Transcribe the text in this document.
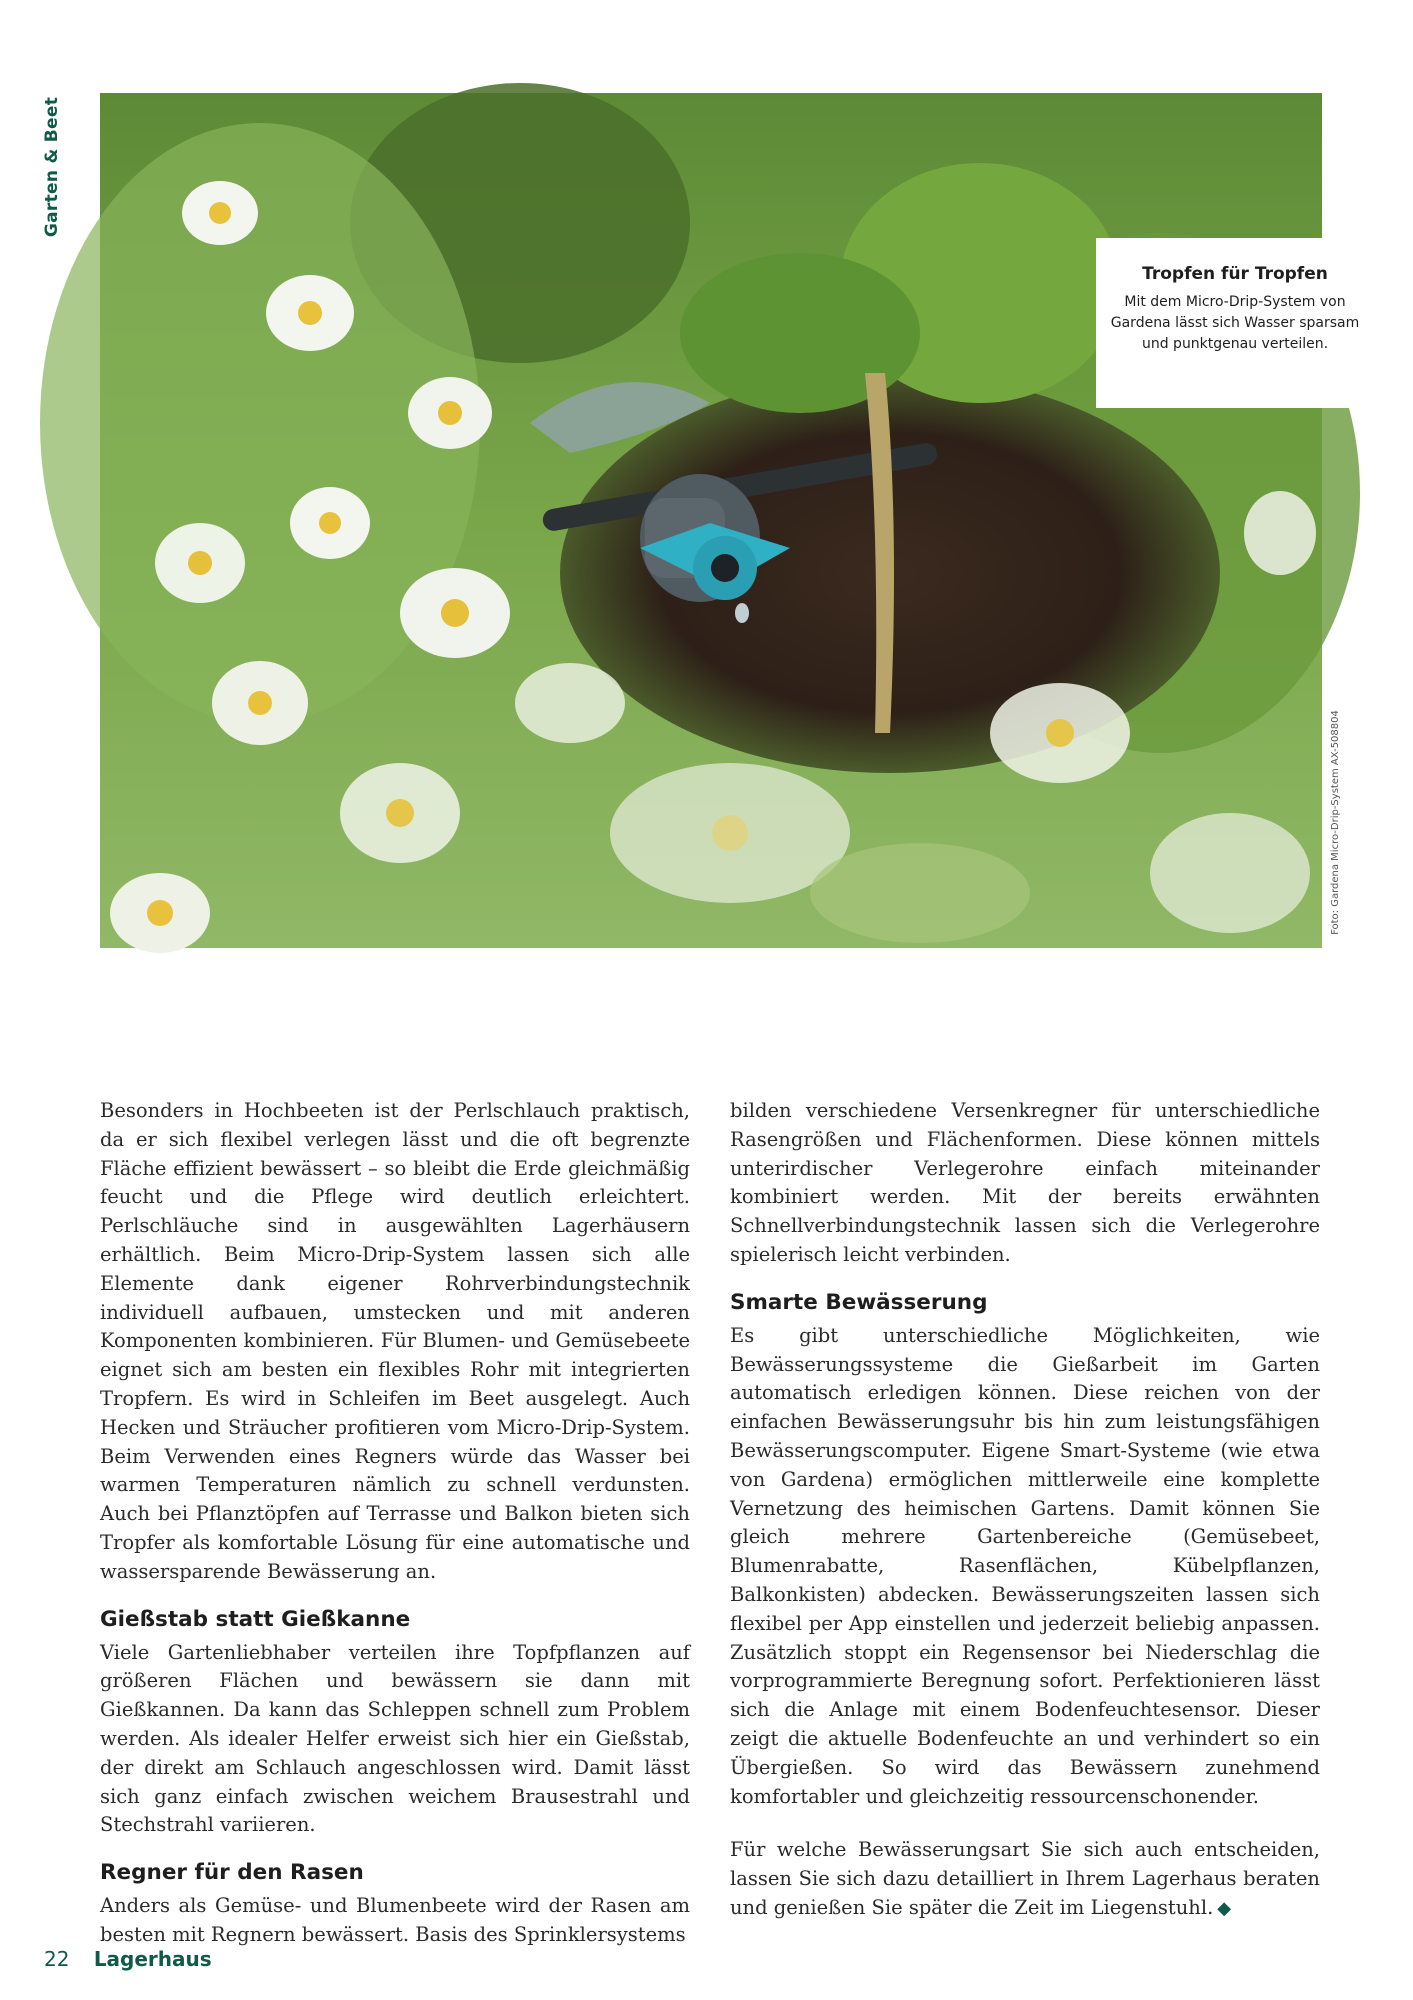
Garten & Beet
Tropfen für Tropfen

Mit dem Micro-Drip-System von Gardena lässt sich Wasser sparsam und punktgenau verteilen.

Foto: Gardena Micro-Drip-System AX-508804

Besonders in Hochbeeten ist der Perlschlauch praktisch, da er sich flexibel verlegen lässt und die oft begrenzte Fläche effizient bewässert – so bleibt die Erde gleichmäßig feucht und die Pflege wird deutlich erleichtert. Perlschläuche sind in ausgewählten Lagerhäusern erhältlich. Beim Micro-Drip-System lassen sich alle Elemente dank eigener Rohrverbindungstechnik individuell aufbauen, umstecken und mit anderen Komponenten kombinieren. Für Blumen- und Gemüsebeete eignet sich am besten ein flexibles Rohr mit integrierten Tropfern. Es wird in Schleifen im Beet ausgelegt. Auch Hecken und Sträucher profitieren vom Micro-Drip-System. Beim Verwenden eines Regners würde das Wasser bei warmen Temperaturen nämlich zu schnell verdunsten. Auch bei Pflanztöpfen auf Terrasse und Balkon bieten sich Tropfer als komfortable Lösung für eine automatische und wassersparende Bewässerung an.

Gießstab statt Gießkanne

Viele Gartenliebhaber verteilen ihre Topfpflanzen auf größeren Flächen und bewässern sie dann mit Gießkannen. Da kann das Schleppen schnell zum Problem werden. Als idealer Helfer erweist sich hier ein Gießstab, der direkt am Schlauch angeschlossen wird. Damit lässt sich ganz einfach zwischen weichem Brausestrahl und Stechstrahl variieren.

Regner für den Rasen

Anders als Gemüse- und Blumenbeete wird der Rasen am besten mit Regnern bewässert. Basis des Sprinklersystems

bilden verschiedene Versenkregner für unterschiedliche Rasengrößen und Flächenformen. Diese können mittels unterirdischer Verlegerohre einfach miteinander kombiniert werden. Mit der bereits erwähnten Schnellverbindungstechnik lassen sich die Verlegerohre spielerisch leicht verbinden.

Smarte Bewässerung

Es gibt unterschiedliche Möglichkeiten, wie Bewässerungssysteme die Gießarbeit im Garten automatisch erledigen können. Diese reichen von der einfachen Bewässerungsuhr bis hin zum leistungsfähigen Bewässerungscomputer. Eigene Smart-Systeme (wie etwa von Gardena) ermöglichen mittlerweile eine komplette Vernetzung des heimischen Gartens. Damit können Sie gleich mehrere Gartenbereiche (Gemüsebeet, Blumenrabatte, Rasenflächen, Kübelpflanzen, Balkonkisten) abdecken. Bewässerungszeiten lassen sich flexibel per App einstellen und jederzeit beliebig anpassen. Zusätzlich stoppt ein Regensensor bei Niederschlag die vorprogrammierte Beregnung sofort. Perfektionieren lässt sich die Anlage mit einem Bodenfeuchtesensor. Dieser zeigt die aktuelle Bodenfeuchte an und verhindert so ein Übergießen. So wird das Bewässern zunehmend komfortabler und gleichzeitig ressourcenschonender.

Für welche Bewässerungsart Sie sich auch entscheiden, lassen Sie sich dazu detailliert in Ihrem Lagerhaus beraten und genießen Sie später die Zeit im Liegenstuhl. ◆

22 Lagerhaus
